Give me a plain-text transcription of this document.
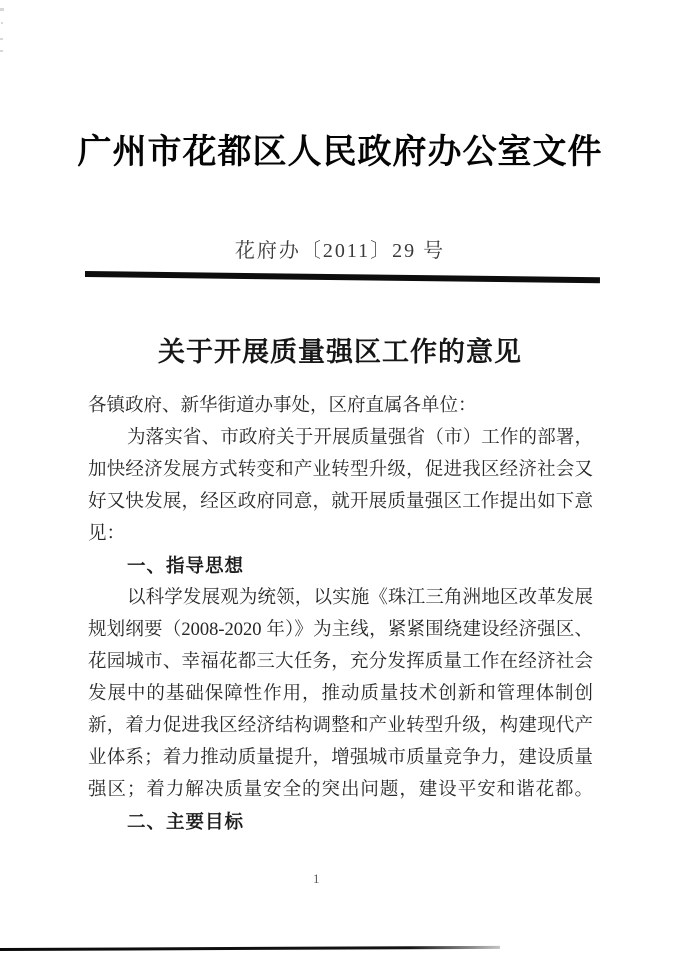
广州市花都区人民政府办公室文件
花府办〔2011〕29 号
关于开展质量强区工作的意见
各镇政府、新华街道办事处，区府直属各单位：
为落实省、市政府关于开展质量强省（市）工作的部署，
加快经济发展方式转变和产业转型升级，促进我区经济社会又
好又快发展，经区政府同意，就开展质量强区工作提出如下意
见：
一、指导思想
以科学发展观为统领，以实施《珠江三角洲地区改革发展
规划纲要（2008-2020 年）》为主线，紧紧围绕建设经济强区、
花园城市、幸福花都三大任务，充分发挥质量工作在经济社会
发展中的基础保障性作用，推动质量技术创新和管理体制创
新，着力促进我区经济结构调整和产业转型升级，构建现代产
业体系；着力推动质量提升，增强城市质量竞争力，建设质量
强区；着力解决质量安全的突出问题，建设平安和谐花都。
二、主要目标
1
